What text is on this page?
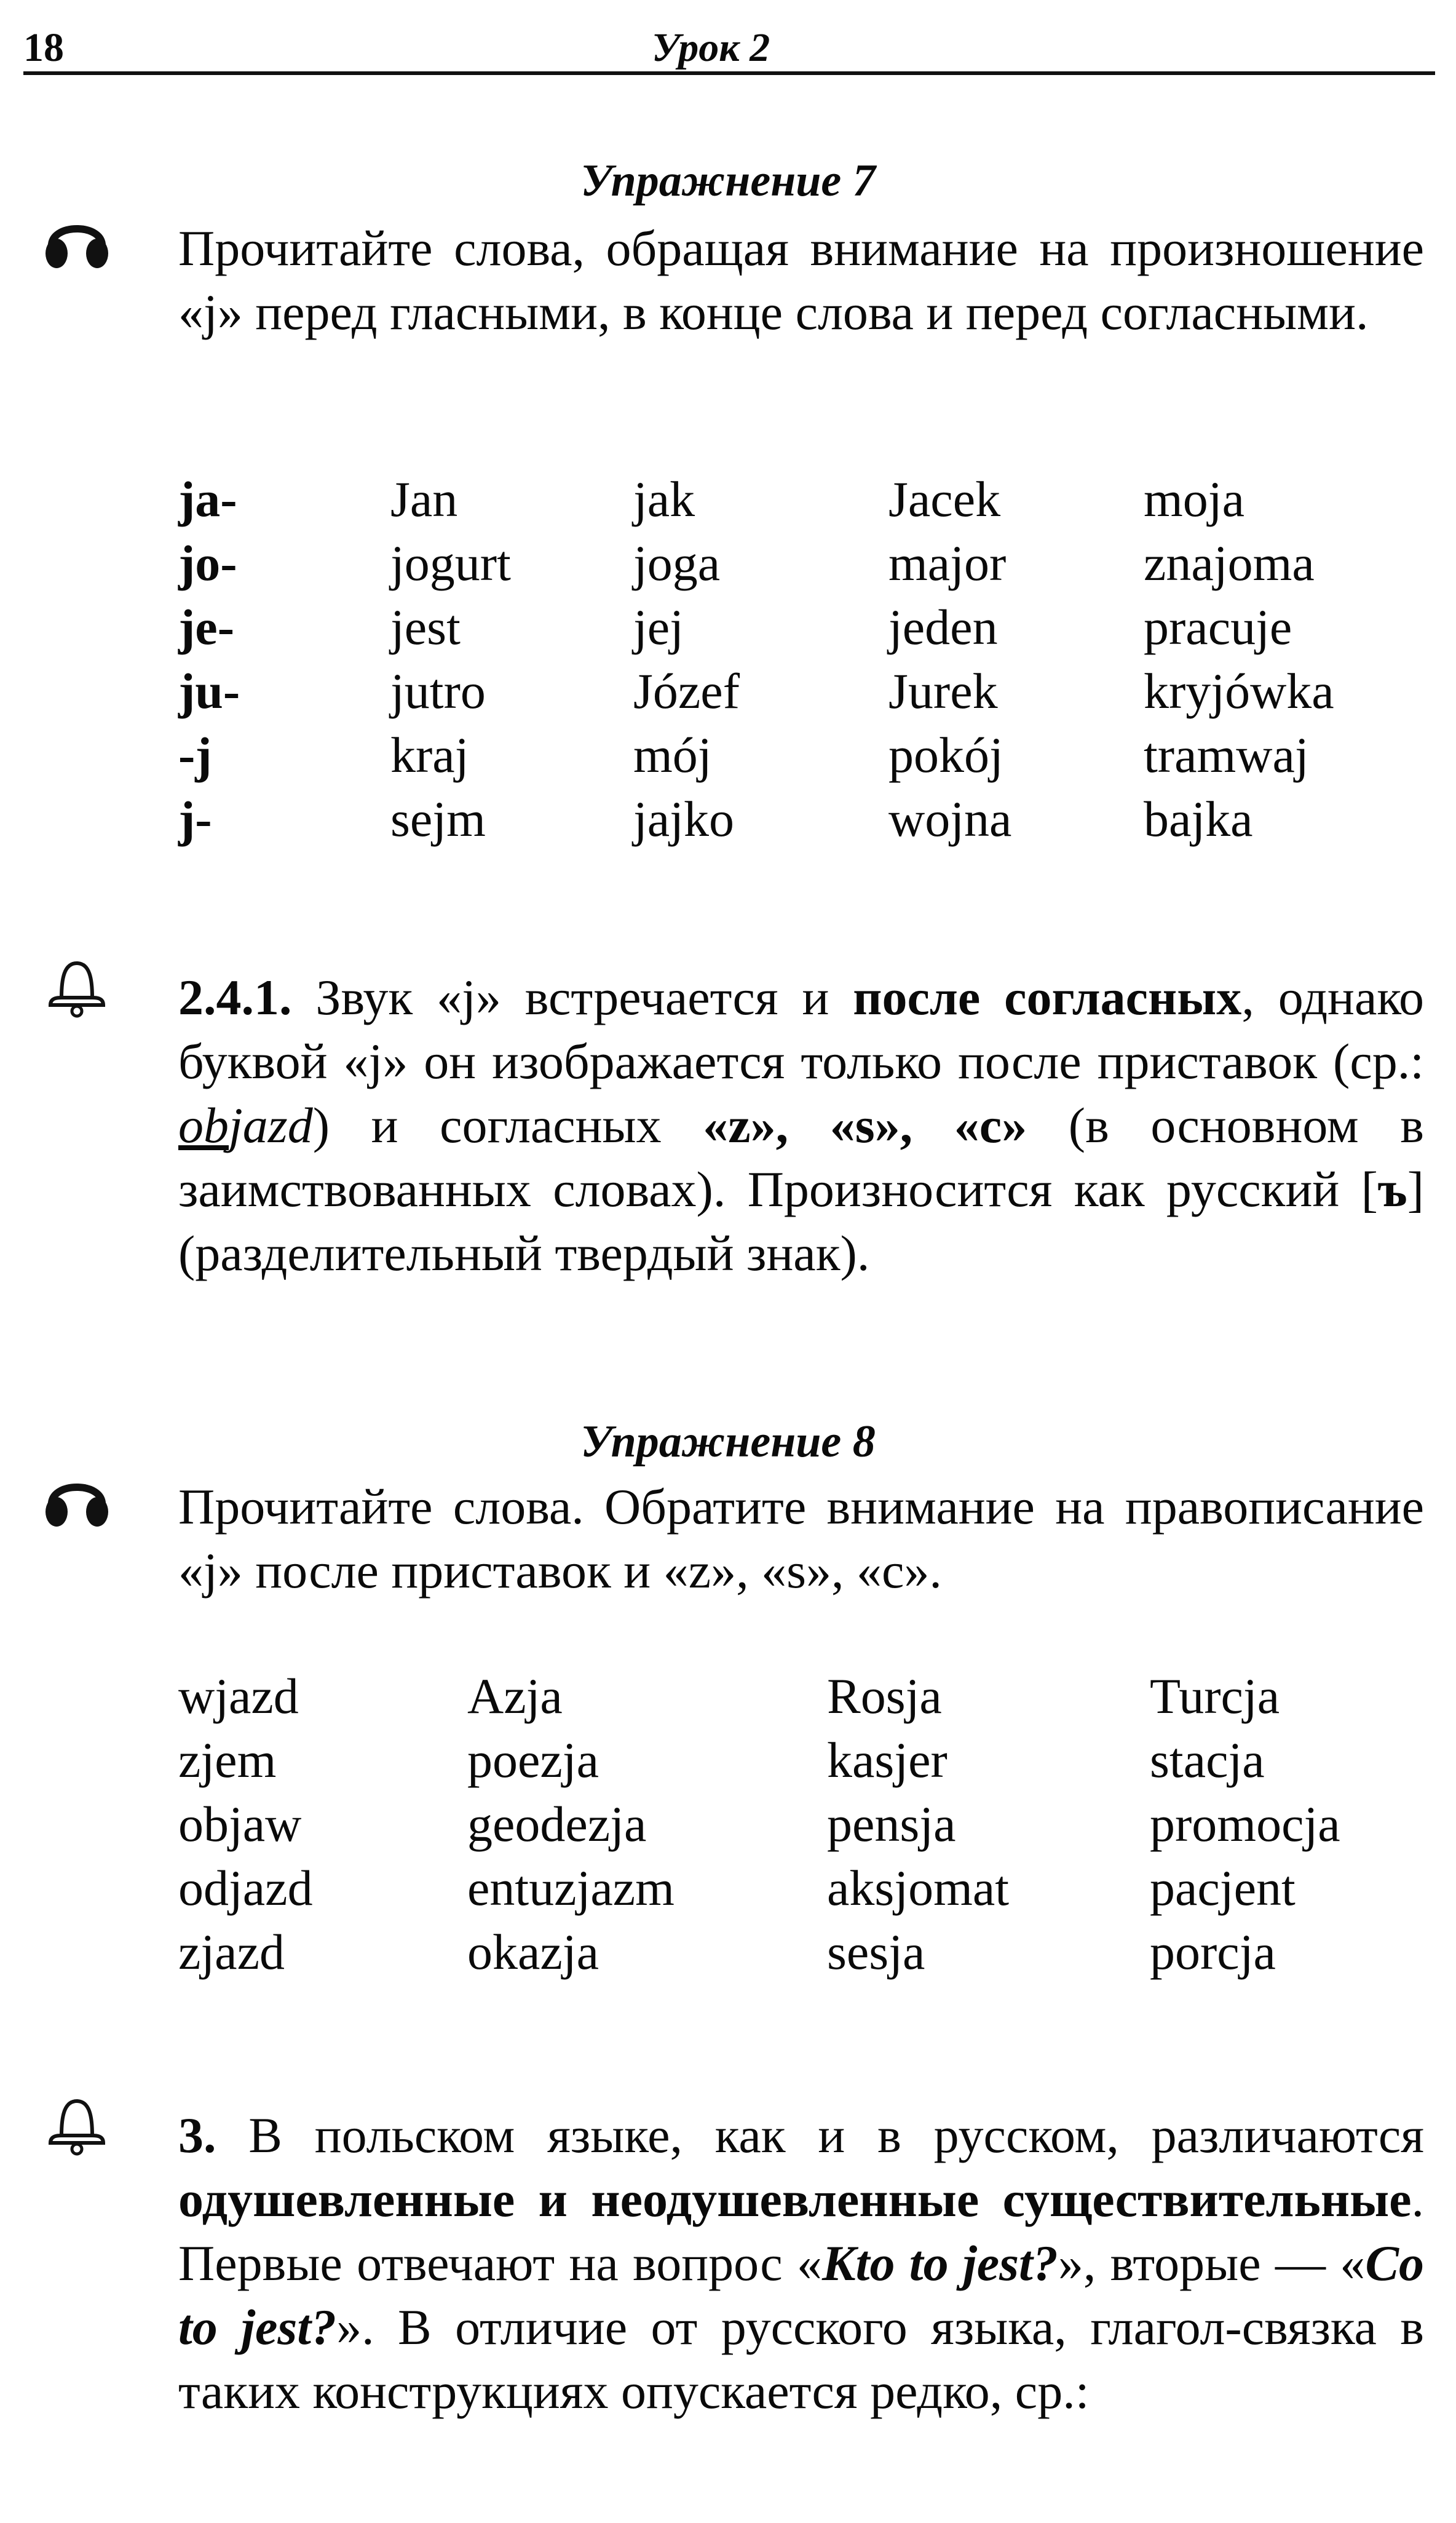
18	Урок 2
Упражнение 7
Прочитайте слова, обращая внимание на произношение «j» перед гласными, в конце слова и перед согласными.
ja-
jo-
je-
ju-
-j
j-
Jan
jogurt
jest
jutro
kraj
sejm
jak
joga
jej
Józef
mój
jajko
Jacek
major
jeden
Jurek
pokój
wojna
moja
znajoma
pracuje
kryjówka
tramwaj
bajka
2.4.1. Звук «j» встречается и после согласных, однако буквой «j» он изображается только после приставок (ср.: objazd) и согласных «z», «s», «c» (в основном в заимствованных словах). Произносится как русский [ъ] (разделительный твердый знак).
Упражнение 8
Прочитайте слова. Обратите внимание на правописание «j» после приставок и «z», «s», «c».
wjazd
zjem
objaw
odjazd
zjazd
Azja
poezja
geodezja
entuzjazm
okazja
Rosja
kasjer
pensja
aksjomat
sesja
Turcja
stacja
promocja
pacjent
porcja
3. В польском языке, как и в русском, различаются одушевленные и неодушевленные существительные. Первые отвечают на вопрос «Kto to jest?», вторые — «Co to jest?». В отличие от русского языка, глагол-связка в таких конструкциях опускается редко, ср.:
